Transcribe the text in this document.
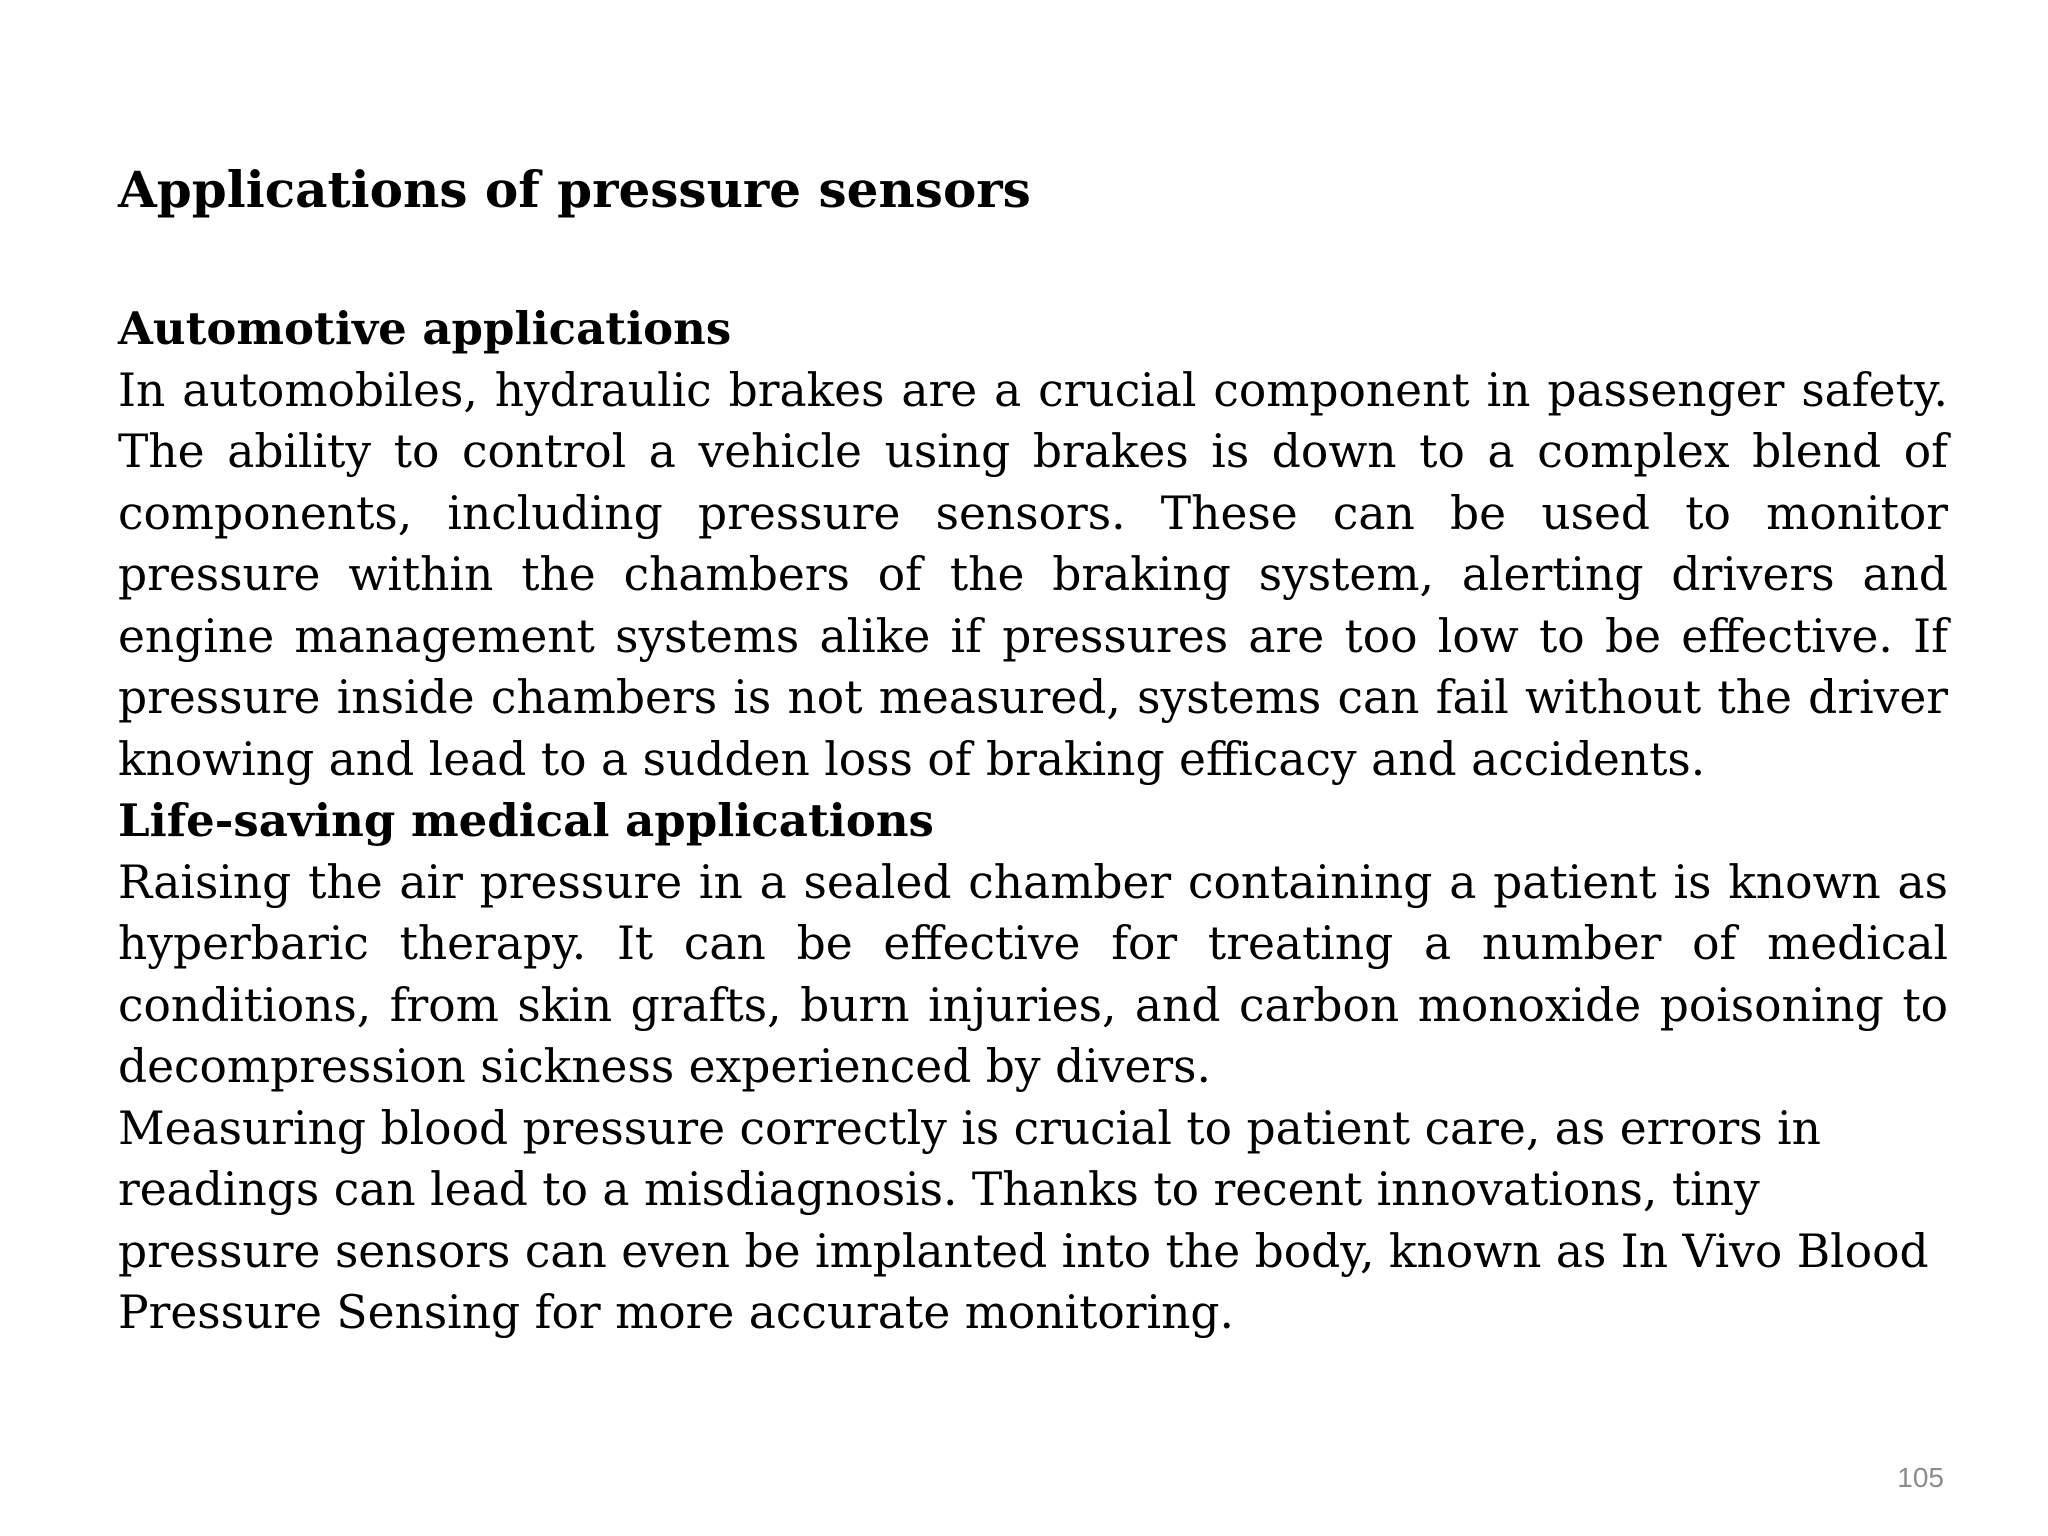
Applications of pressure sensors
Automotive applications

In automobiles, hydraulic brakes are a crucial component in passenger safety. The ability to control a vehicle using brakes is down to a complex blend of components, including pressure sensors. These can be used to monitor pressure within the chambers of the braking system, alerting drivers and engine management systems alike if pressures are too low to be effective. If pressure inside chambers is not measured, systems can fail without the driver knowing and lead to a sudden loss of braking efficacy and accidents.

Life-saving medical applications

Raising the air pressure in a sealed chamber containing a patient is known as hyperbaric therapy. It can be effective for treating a number of medical conditions, from skin grafts, burn injuries, and carbon monoxide poisoning to decompression sickness experienced by divers.

Measuring blood pressure correctly is crucial to patient care, as errors in readings can lead to a misdiagnosis. Thanks to recent innovations, tiny pressure sensors can even be implanted into the body, known as In Vivo Blood Pressure Sensing for more accurate monitoring.

105
